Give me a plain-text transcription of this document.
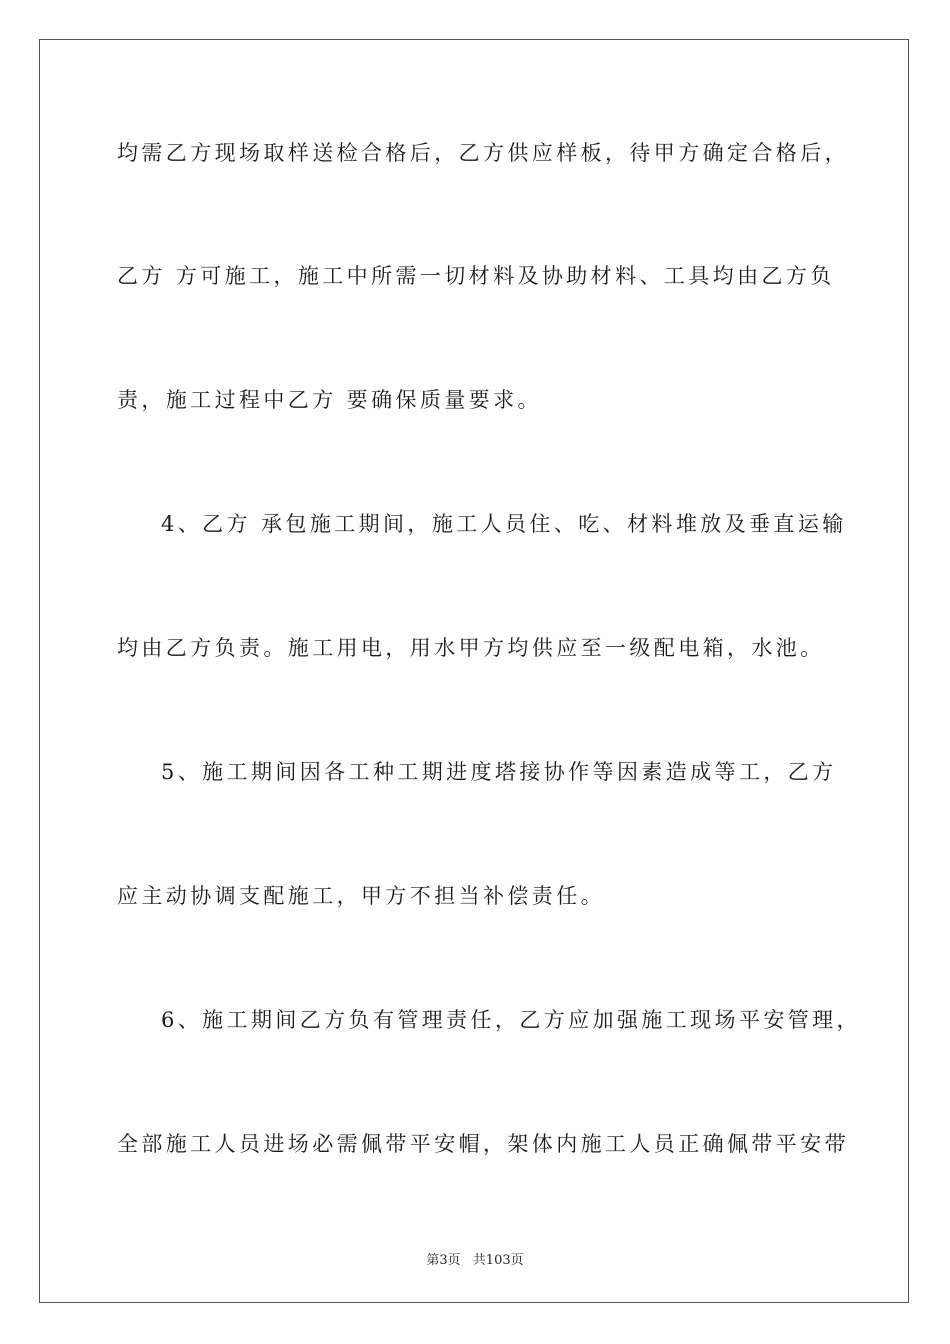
均需乙方现场取样送检合格后，乙方供应样板，待甲方确定合格后，
乙方 方可施工，施工中所需一切材料及协助材料、工具均由乙方负
责，施工过程中乙方 要确保质量要求。
4、乙方 承包施工期间，施工人员住、吃、材料堆放及垂直运输
均由乙方负责。施工用电，用水甲方均供应至一级配电箱，水池。
5、施工期间因各工种工期进度塔接协作等因素造成等工，乙方
应主动协调支配施工，甲方不担当补偿责任。
6、施工期间乙方负有管理责任，乙方应加强施工现场平安管理，
全部施工人员进场必需佩带平安帽，架体内施工人员正确佩带平安带
第3页 共103页
